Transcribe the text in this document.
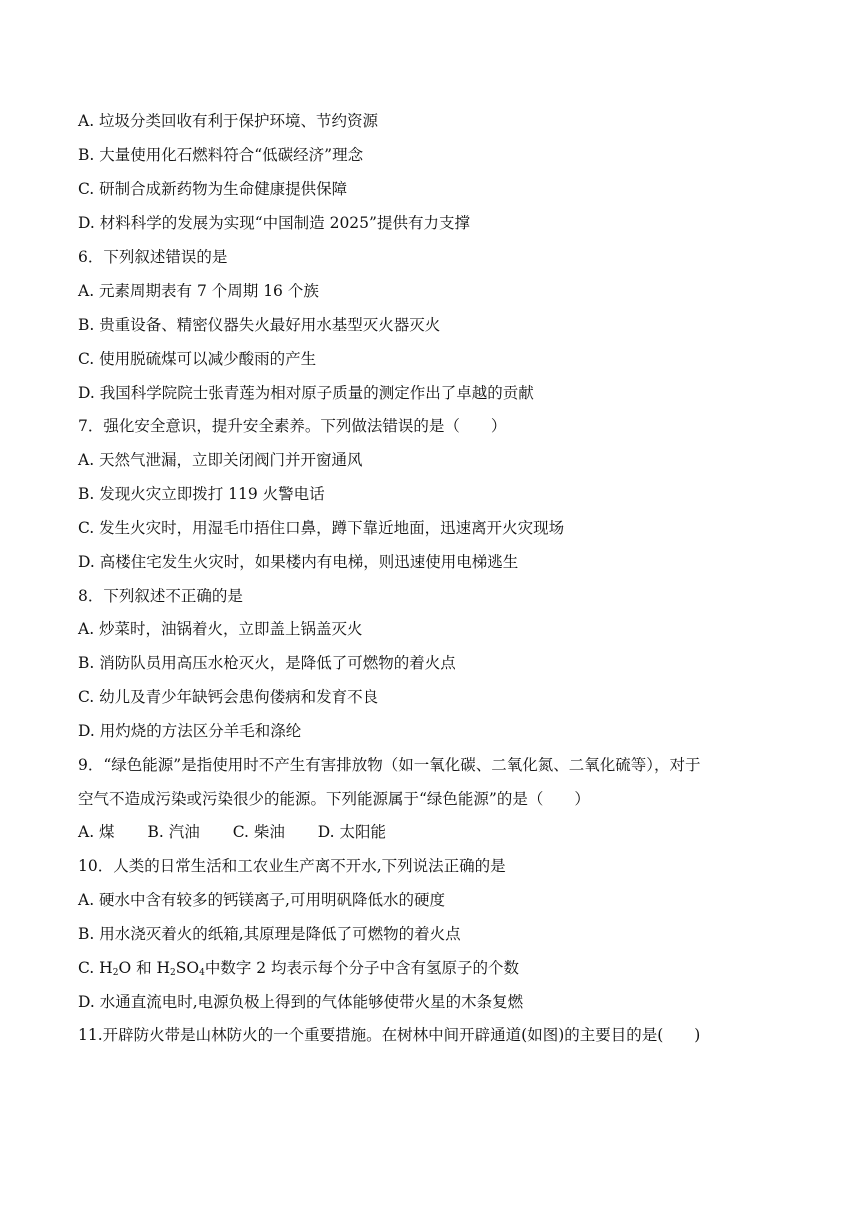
A. 垃圾分类回收有利于保护环境、节约资源
B. 大量使用化石燃料符合“低碳经济”理念
C. 研制合成新药物为生命健康提供保障
D. 材料科学的发展为实现“中国制造 2025”提供有力支撑
6．下列叙述错误的是
A. 元素周期表有 7 个周期 16 个族
B. 贵重设备、精密仪器失火最好用水基型灭火器灭火
C. 使用脱硫煤可以减少酸雨的产生
D. 我国科学院院士张青莲为相对原子质量的测定作出了卓越的贡献
7．强化安全意识，提升安全素养。下列做法错误的是（　　）
A. 天然气泄漏，立即关闭阀门并开窗通风
B. 发现火灾立即拨打 119 火警电话
C. 发生火灾时，用湿毛巾捂住口鼻，蹲下靠近地面，迅速离开火灾现场
D. 高楼住宅发生火灾时，如果楼内有电梯，则迅速使用电梯逃生
8．下列叙述不正确的是
A. 炒菜时，油锅着火，立即盖上锅盖灭火
B. 消防队员用高压水枪灭火，是降低了可燃物的着火点
C. 幼儿及青少年缺钙会患佝偻病和发育不良
D. 用灼烧的方法区分羊毛和涤纶
9．“绿色能源”是指使用时不产生有害排放物（如一氧化碳、二氧化氮、二氧化硫等），对于
空气不造成污染或污染很少的能源。下列能源属于“绿色能源”的是（　　）
A. 煤 B. 汽油 C. 柴油 D. 太阳能
10．人类的日常生活和工农业生产离不开水,下列说法正确的是
A. 硬水中含有较多的钙镁离子,可用明矾降低水的硬度
B. 用水浇灭着火的纸箱,其原理是降低了可燃物的着火点
C. $H_2O$ 和 $H_2SO_4$中数字 2 均表示每个分子中含有氢原子的个数
D. 水通直流电时,电源负极上得到的气体能够使带火星的木条复燃
11.开辟防火带是山林防火的一个重要措施。在树林中间开辟通道(如图)的主要目的是(　　)
